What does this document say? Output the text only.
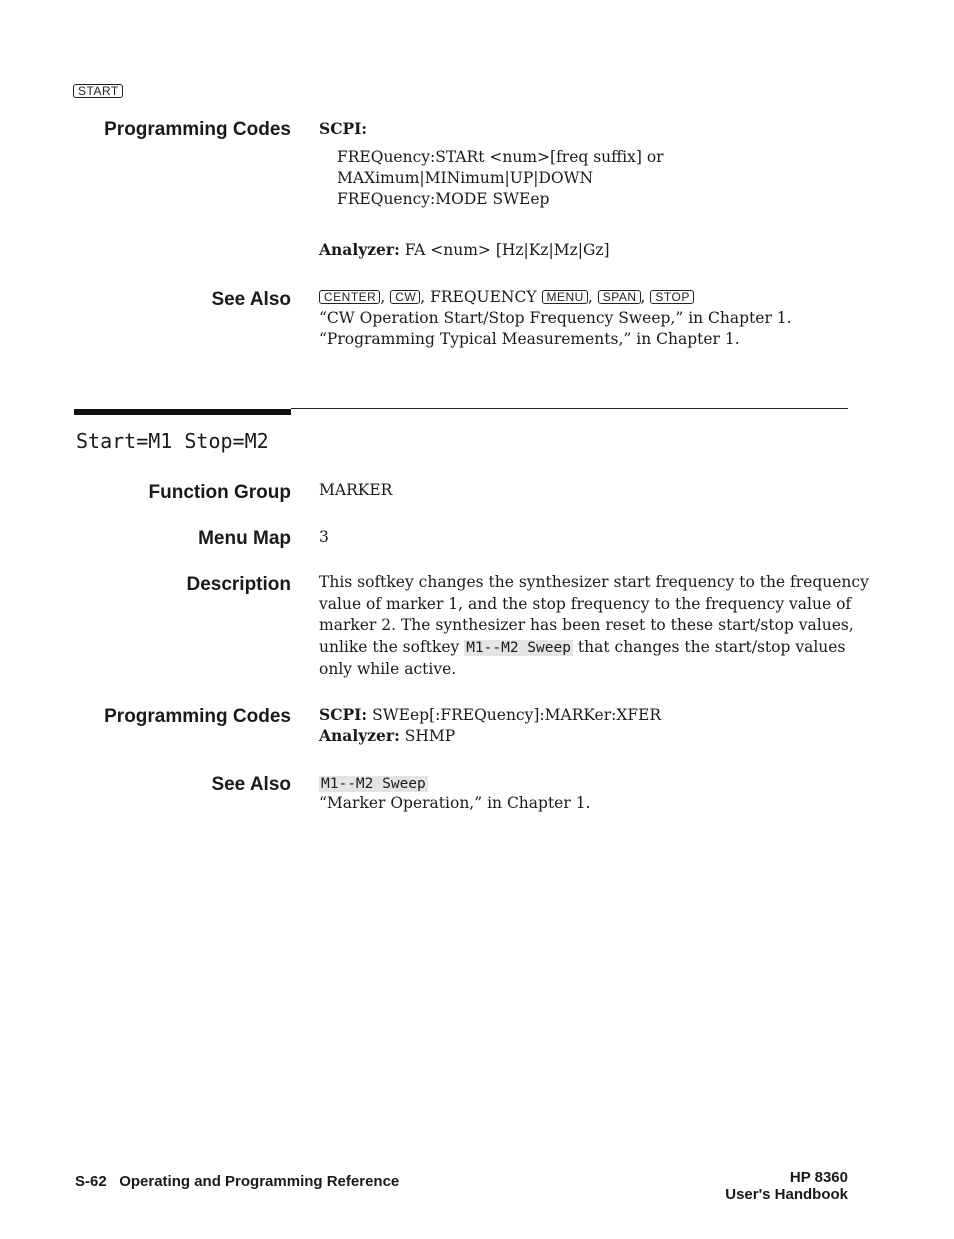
START
Programming Codes SCPI:
FREQuency:STARt <num>[freq suffix] or
MAXimum|MINimum|UP|DOWN
FREQuency:MODE SWEep
Analyzer: FA <num> [Hz|Kz|Mz|Gz]
See Also	CENTER , CW , FREQUENCY MENU , SPAN , STOP
“CW Operation Start/Stop Frequency Sweep,” in Chapter 1.
“Programming Typical Measurements,” in Chapter 1.
Start=M1 Stop=M2
Function Group MARKER
Menu Map 3
Description This softkey changes the synthesizer start frequency to the frequency
value of marker 1, and the stop frequency to the frequency value of
marker 2. The synthesizer has been reset to these start/stop values,
unlike the softkey M1--M2 Sweep that changes the start/stop values
only while active.
Programming Codes SCPI: SWEep[:FREQuency]:MARKer:XFER
Analyzer: SHMP
See Also M1--M2 Sweep
“Marker Operation,” in Chapter 1.
S-62 Operating and Programming Reference	HP 8360
User's Handbook
